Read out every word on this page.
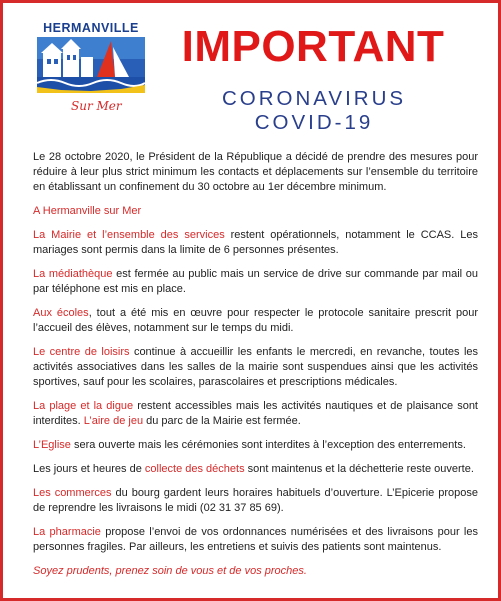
HERMANVILLE
Sur Mer
IMPORTANT
CORONAVIRUS
COVID-19

Le 28 octobre 2020, le Président de la République a décidé de prendre des mesures pour réduire à leur plus strict minimum les contacts et déplacements sur l’ensemble du territoire en établissant un confinement du 30 octobre au 1er décembre minimum.

A Hermanville sur Mer

La Mairie et l’ensemble des services restent opérationnels, notamment le CCAS. Les mariages sont permis dans la limite de 6 personnes présentes.

La médiathèque est fermée au public mais un service de drive sur commande par mail ou par téléphone est mis en place.

Aux écoles, tout a été mis en œuvre pour respecter le protocole sanitaire prescrit pour l’accueil des élèves, notamment sur le temps du midi.

Le centre de loisirs continue à accueillir les enfants le mercredi, en revanche, toutes les activités associatives dans les salles de la mairie sont suspendues ainsi que les activités sportives, sauf pour les scolaires, parascolaires et prescriptions médicales.

La plage et la digue restent accessibles mais les activités nautiques et de plaisance sont interdites. L’aire de jeu du parc de la Mairie est fermée.

L’Eglise sera ouverte mais les cérémonies sont interdites à l’exception des enterrements.

Les jours et heures de collecte des déchets sont maintenus et la déchetterie reste ouverte.

Les commerces du bourg gardent leurs horaires habituels d’ouverture. L’Epicerie propose de reprendre les livraisons le midi (02 31 37 85 69).

La pharmacie propose l’envoi de vos ordonnances numérisées et des livraisons pour les personnes fragiles. Par ailleurs, les entretiens et suivis des patients sont maintenus.

Soyez prudents, prenez soin de vous et de vos proches.
